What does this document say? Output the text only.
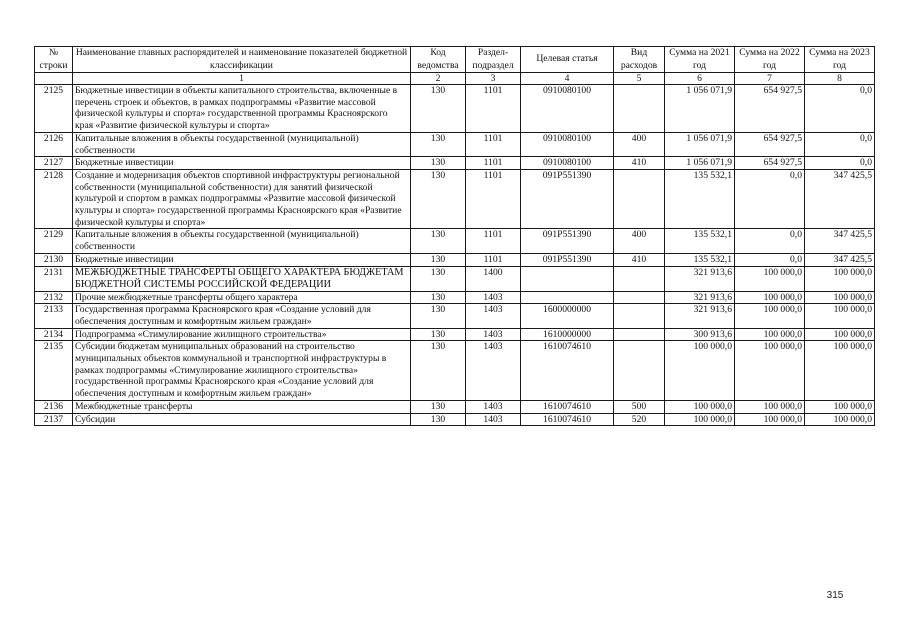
№ строки	Наименование главных распорядителей и наименование показателей бюджетной классификации	Код ведомства	Раздел-подраздел	Целевая статья	Вид расходов	Сумма на 2021 год	Сумма на 2022 год	Сумма на 2023 год
	1	2	3	4	5	6	7	8
2125	Бюджетные инвестиции в объекты капитального строительства, включенные в перечень строек и объектов, в рамках подпрограммы «Развитие массовой физической культуры и спорта» государственной программы Красноярского края «Развитие физической культуры и спорта»	130	1101	0910080100		1 056 071,9	654 927,5	0,0
2126	Капитальные вложения в объекты государственной (муниципальной) собственности	130	1101	0910080100	400	1 056 071,9	654 927,5	0,0
2127	Бюджетные инвестиции	130	1101	0910080100	410	1 056 071,9	654 927,5	0,0
2128	Создание и модернизация объектов спортивной инфраструктуры региональной собственности (муниципальной собственности) для занятий физической культурой и спортом в рамках подпрограммы «Развитие массовой физической культуры и спорта» государственной программы Красноярского края «Развитие физической культуры и спорта»	130	1101	091P551390		135 532,1	0,0	347 425,5
2129	Капитальные вложения в объекты государственной (муниципальной) собственности	130	1101	091P551390	400	135 532,1	0,0	347 425,5
2130	Бюджетные инвестиции	130	1101	091P551390	410	135 532,1	0,0	347 425,5
2131	МЕЖБЮДЖЕТНЫЕ ТРАНСФЕРТЫ ОБЩЕГО ХАРАКТЕРА БЮДЖЕТАМ БЮДЖЕТНОЙ СИСТЕМЫ РОССИЙСКОЙ ФЕДЕРАЦИИ	130	1400			321 913,6	100 000,0	100 000,0
2132	Прочие межбюджетные трансферты общего характера	130	1403			321 913,6	100 000,0	100 000,0
2133	Государственная программа Красноярского края «Создание условий для обеспечения доступным и комфортным жильем граждан»	130	1403	1600000000		321 913,6	100 000,0	100 000,0
2134	Подпрограмма «Стимулирование жилищного строительства»	130	1403	1610000000		300 913,6	100 000,0	100 000,0
2135	Субсидии бюджетам муниципальных образований на строительство муниципальных объектов коммунальной и транспортной инфраструктуры в рамках подпрограммы «Стимулирование жилищного строительства» государственной программы Красноярского края «Создание условий для обеспечения доступным и комфортным жильем граждан»	130	1403	1610074610		100 000,0	100 000,0	100 000,0
2136	Межбюджетные трансферты	130	1403	1610074610	500	100 000,0	100 000,0	100 000,0
2137	Субсидии	130	1403	1610074610	520	100 000,0	100 000,0	100 000,0
315
